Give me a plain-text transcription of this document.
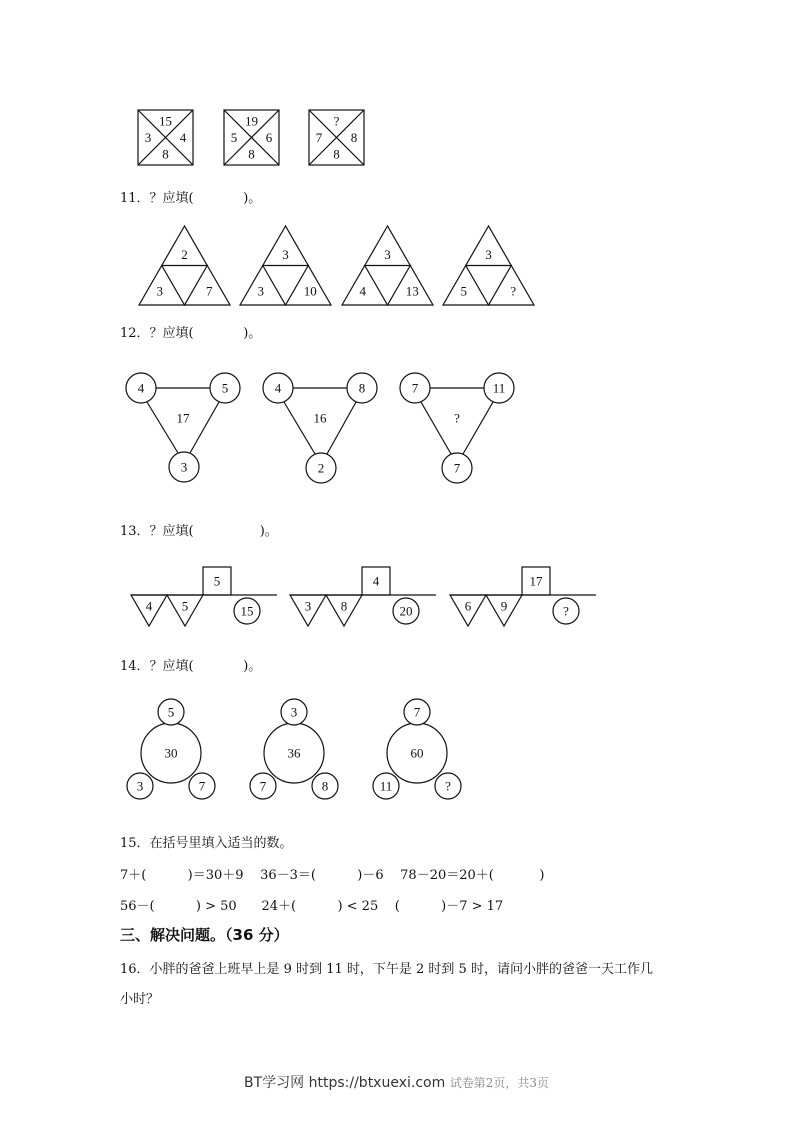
15
3 4
8
19
5 6
8
?
7 8
8
11．？应填(            )。
2
3	7
3
3	10
3
4	13
3
5	?
12．？应填(            )。
4	5
3
17
4	8
2
16
7	11
7
?
13．？应填(                )。
5
4 5	15
4
3 8	20
17
6 9	?
14．？应填(            )。
30
5
3	7
36
3
7	8
60
7
11	?
15．在括号里填入适当的数。
7＋(          )＝30＋9    36－3＝(          )－6    78－20＝20＋(           )
56－(          ) > 50      24＋(          ) < 25    (          )－7 > 17
三、解决问题。（36 分）
16．小胖的爸爸上班早上是 9 时到 11 时，下午是 2 时到 5 时，请问小胖的爸爸一天工作几
小时？
BT学习网 https://btxuexi.com 试卷第2页，共3页
